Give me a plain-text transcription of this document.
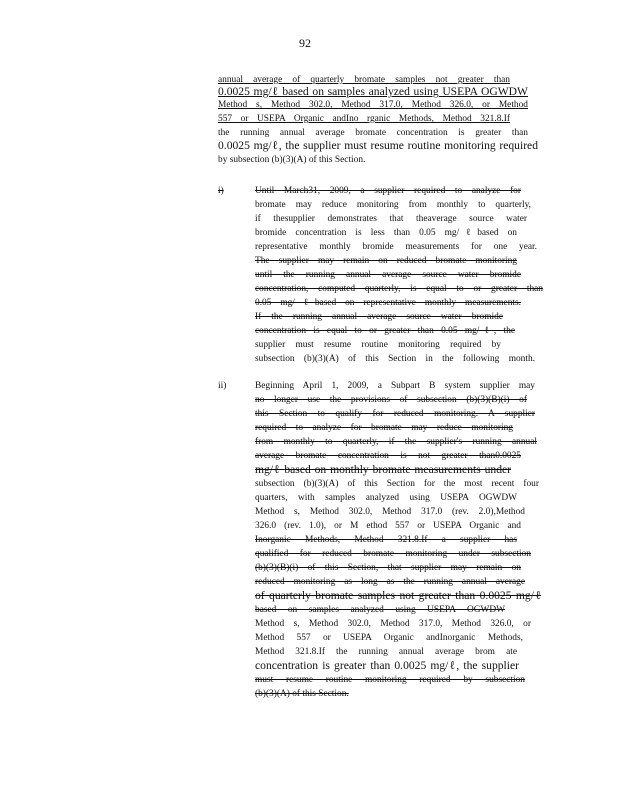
92
annual average of quarterly bromate samples not greater than
0.0025 mg/ℓ based on samples analyzed using USEPA OGWDW
Method s, Method 302.0, Method 317.0, Method 326.0, or Method
557 or USEPA Organic andIno rganic Methods, Method 321.8.If
the running annual average bromate concentration is greater than
0.0025 mg/ℓ, the supplier must resume routine monitoring required
by subsection (b)(3)(A) of this Section.
i)	Until March31, 2009, a supplier required to analyze for
bromate may reduce monitoring from monthly to quarterly,
if thesupplier demonstrates that theaverage source water
bromide concentration is less than 0.05 mg/ℓbased on
representative monthly bromide measurements for one year.
The supplier may remain on reduced bromate monitoring
until the running annual average source water bromide
concentration, computed quarterly, is equal to or greater than
0.05 mg/ ℓbased on representative monthly measurements.
If the running annual average source water bromide
concentration is equal to or greater than 0.05 mg/ℓ, the
supplier must resume routine monitoring required by
subsection (b)(3)(A) of this Section in the following month.
ii)	Beginning April 1, 2009, a Subpart B system supplier may
no longer use the provisions of subsection (b)(3)(B)(i) of
this Section to qualify for reduced monitoring. A supplier
required to analyze for bromate may reduce monitoring
from monthly to quarterly, if the supplier's running annual
average bromate concentration is not greater than0.0025
mg/ℓ based on monthly bromate measurements under
subsection (b)(3)(A) of this Section for the most recent four
quarters, with samples analyzed using USEPA OGWDW
Method s, Method 302.0, Method 317.0 (rev. 2.0),Method
326.0 (rev. 1.0), or M ethod 557 or USEPA Organic and
Inorganic Methods, Method 321.8.If a supplier has
qualified for reduced bromate monitoring under subsection
(b)(3)(B)(i) of this Section, that supplier may remain on
reduced monitoring as long as the running annual average
of quarterly bromate samples not greater than 0.0025 mg/ℓ
based on samples analyzed using USEPA OGWDW
Method s, Method 302.0, Method 317.0, Method 326.0, or
Method 557 or USEPA Organic andInorganic Methods,
Method 321.8.If the running annual average brom ate
concentration is greater than 0.0025 mg/ℓ, the supplier
must resume routine monitoring required by subsection
(b)(3)(A) of this Section.
